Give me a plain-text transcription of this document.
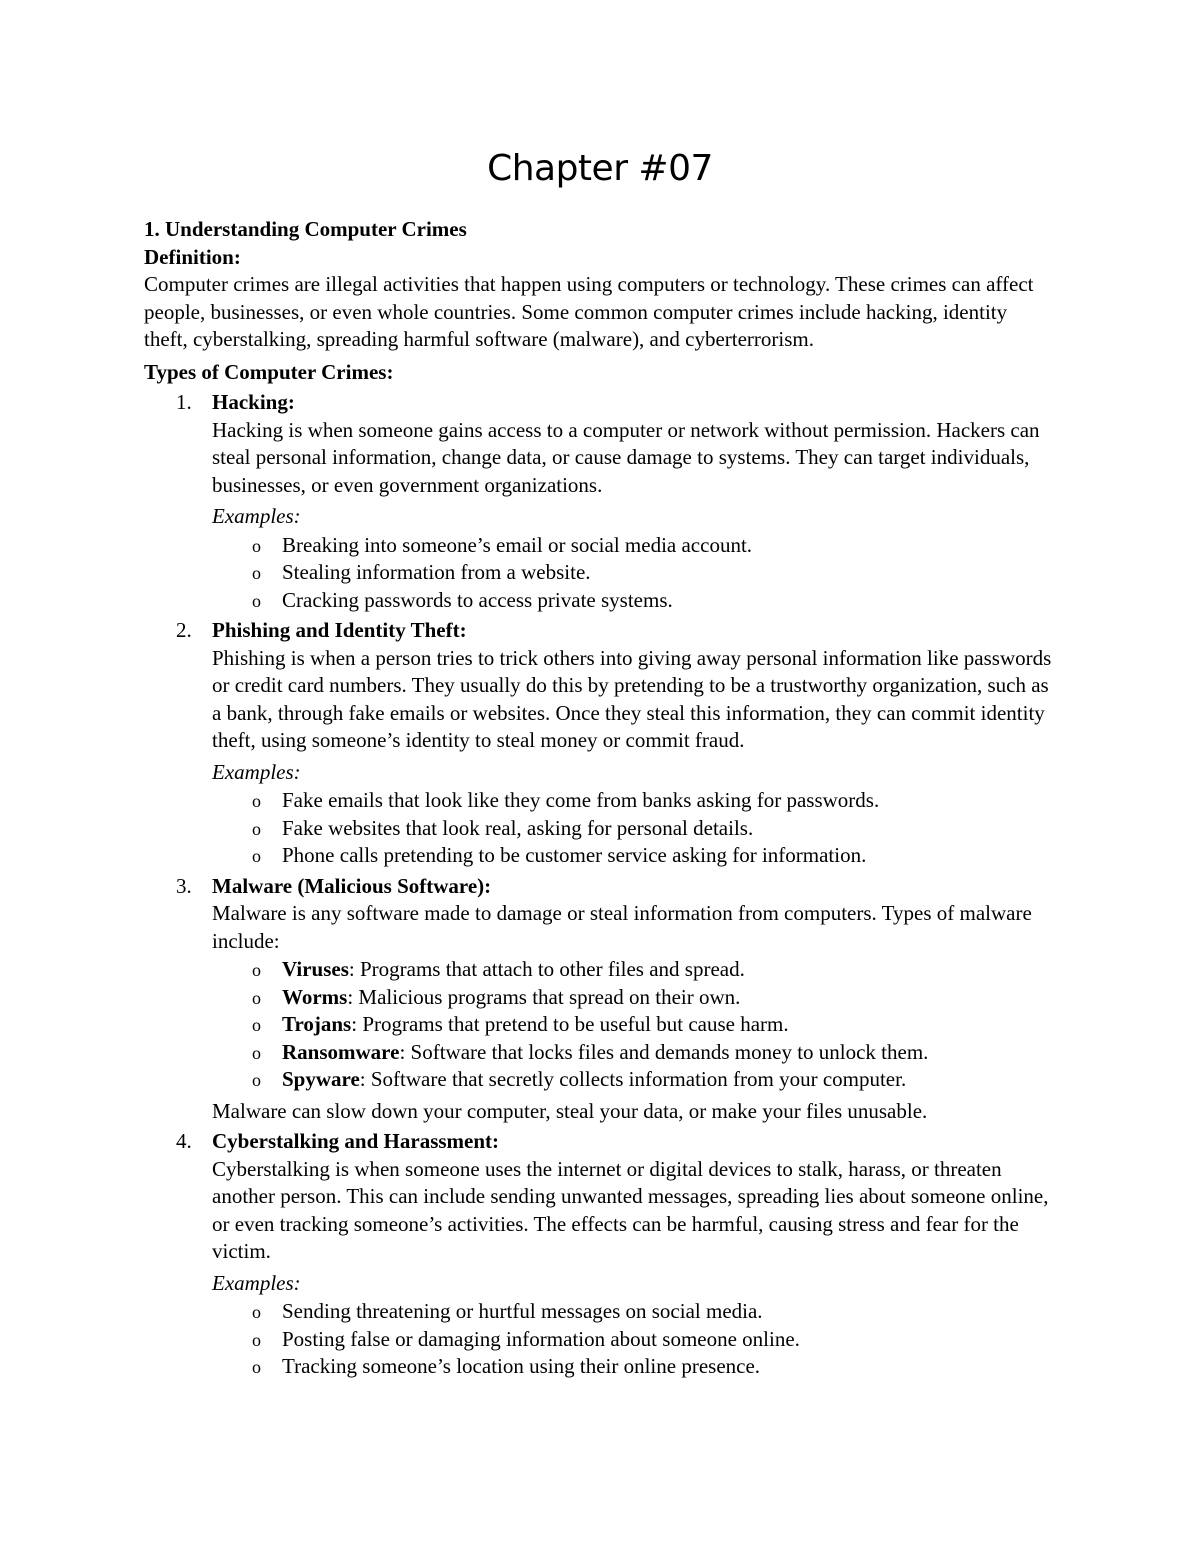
Chapter #07
1. Understanding Computer Crimes
Definition:

Computer crimes are illegal activities that happen using computers or technology. These crimes can affect people, businesses, or even whole countries. Some common computer crimes include hacking, identity theft, cyberstalking, spreading harmful software (malware), and cyberterrorism.

Types of Computer Crimes:
1. Hacking:
Hacking is when someone gains access to a computer or network without permission. Hackers can steal personal information, change data, or cause damage to systems. They can target individuals, businesses, or even government organizations.
Examples:
o Breaking into someone’s email or social media account.
o Stealing information from a website.
o Cracking passwords to access private systems.
2. Phishing and Identity Theft:
Phishing is when a person tries to trick others into giving away personal information like passwords or credit card numbers. They usually do this by pretending to be a trustworthy organization, such as a bank, through fake emails or websites. Once they steal this information, they can commit identity theft, using someone’s identity to steal money or commit fraud.
Examples:
o Fake emails that look like they come from banks asking for passwords.
o Fake websites that look real, asking for personal details.
o Phone calls pretending to be customer service asking for information.
3. Malware (Malicious Software):
Malware is any software made to damage or steal information from computers. Types of malware include:
o Viruses: Programs that attach to other files and spread.
o Worms: Malicious programs that spread on their own.
o Trojans: Programs that pretend to be useful but cause harm.
o Ransomware: Software that locks files and demands money to unlock them.
o Spyware: Software that secretly collects information from your computer.
Malware can slow down your computer, steal your data, or make your files unusable.
4. Cyberstalking and Harassment:
Cyberstalking is when someone uses the internet or digital devices to stalk, harass, or threaten another person. This can include sending unwanted messages, spreading lies about someone online, or even tracking someone’s activities. The effects can be harmful, causing stress and fear for the victim.
Examples:
o Sending threatening or hurtful messages on social media.
o Posting false or damaging information about someone online.
o Tracking someone’s location using their online presence.
